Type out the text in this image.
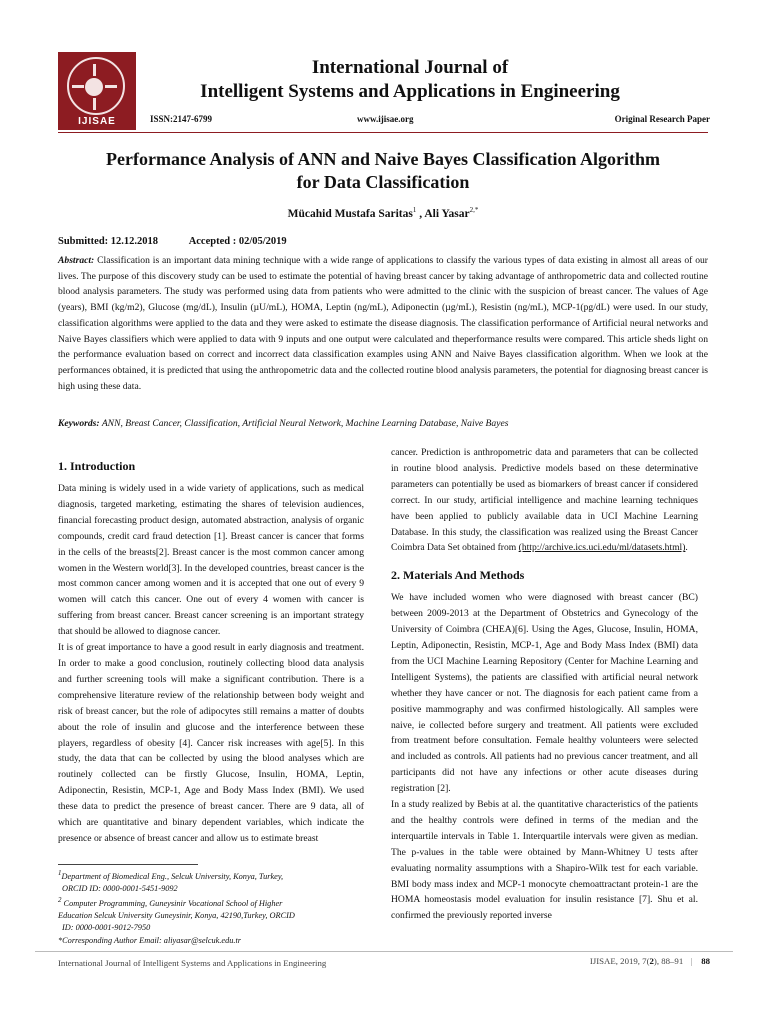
IJISAE
International Journal of
Intelligent Systems and Applications in Engineering
ISSN:2147-6799	www.ijisae.org	Original Research Paper
Performance Analysis of ANN and Naive Bayes Classification Algorithm
for Data Classification
Mücahid Mustafa Saritas$^1$ , Ali Yasar$^{2,*}$
Submitted: 12.12.2018	Accepted : 02/05/2019
Abstract: Classification is an important data mining technique with a wide range of applications to classify the various types of data existing in almost all areas of our lives. The purpose of this discovery study can be used to estimate the potential of having breast cancer by taking advantage of anthropometric data and collected routine blood analysis parameters. The study was performed using data from patients who were admitted to the clinic with the suspicion of breast cancer. The values of Age (years), BMI (kg/m2), Glucose (mg/dL), Insulin (µU/mL), HOMA, Leptin (ng/mL), Adiponectin (µg/mL), Resistin (ng/mL), MCP-1(pg/dL) were used. In our study, classification algorithms were applied to the data and they were asked to estimate the disease diagnosis. The classification performance of Artificial neural networks and Naive Bayes classifiers which were applied to data with 9 inputs and one output were calculated and theperformance results were compared. This article sheds light on the performance evaluation based on correct and incorrect data classification examples using ANN and Naive Bayes classification algorithm. When we look at the performances obtained, it is predicted that using the anthropometric data and the collected routine blood analysis parameters, the potential for diagnosing breast cancer is high using these data.
Keywords: ANN, Breast Cancer, Classification, Artificial Neural Network, Machine Learning Database, Naive Bayes
1. Introduction

Data mining is widely used in a wide variety of applications, such as medical diagnosis, targeted marketing, estimating the shares of television audiences, financial forecasting product design, automated abstraction, analysis of organic compounds, credit card fraud detection [1]. Breast cancer is cancer that forms in the cells of the breasts[2]. Breast cancer is the most common cancer among women in the Western world[3]. In the developed countries, breast cancer is the most common cancer among women and it is accepted that one out of every 9 women will catch this cancer. One out of every 4 women with cancer is suffering from breast cancer. Breast cancer screening is an important strategy that should be allowed to diagnose cancer.

It is of great importance to have a good result in early diagnosis and treatment. In order to make a good conclusion, routinely collecting blood data analysis and further screening tools will make a significant contribution. There is a comprehensive literature review of the relationship between body weight and risk of breast cancer, but the role of adipocytes still remains a matter of doubts about the role of insulin and glucose and the interference between these players, regardless of obesity [4]. Cancer risk increases with age[5]. In this study, the data that can be collected by using the blood analyses which are routinely collected can be firstly Glucose, Insulin, HOMA, Leptin, Adiponectin, Resistin, MCP-1, Age and Body Mass Index (BMI). We used these data to predict the presence of breast cancer. There are 9 data, all of which are quantitative and binary dependent variables, which indicate the presence or absence of breast cancer and allow us to estimate breast

$^1$Department of Biomedical Eng., Selcuk University, Konya, Turkey,
ORCID ID: 0000-0001-5451-9092
$^2$ Computer Programming, Guneysinir Vocational School of Higher
Education Selcuk University Guneysinir, Konya, 42190,Turkey, ORCID
ID: 0000-0001-9012-7950
*Corresponding Author Email: aliyasar@selcuk.edu.tr

cancer. Prediction is anthropometric data and parameters that can be collected in routine blood analysis. Predictive models based on these determinative parameters can potentially be used as biomarkers of breast cancer if considered correct. In our study, artificial intelligence and machine learning techniques have been applied to publicly available data in UCI Machine Learning Database. In this study, the classification was realized using the Breast Cancer Coimbra Data Set obtained from (http://archive.ics.uci.edu/ml/datasets.html).

2. Materials And Methods

We have included women who were diagnosed with breast cancer (BC) between 2009-2013 at the Department of Obstetrics and Gynecology of the University of Coimbra (CHEA)[6]. Using the Ages, Glucose, Insulin, HOMA, Leptin, Adiponectin, Resistin, MCP-1, Age and Body Mass Index (BMI) data from the UCI Machine Learning Repository (Center for Machine Learning and Intelligent Systems), the patients are classified with artificial neural network whether they have cancer or not. The diagnosis for each patient came from a positive mammography and was confirmed histologically. All samples were naive, ie collected before surgery and treatment. All patients were excluded from treatment before consultation. Female healthy volunteers were selected and included as controls. All patients had no previous cancer treatment, and all participants did not have any infections or other acute diseases during registration [2].

In a study realized by Bebis at al. the quantitative characteristics of the patients and the healthy controls were defined in terms of the median and the interquartile intervals in Table 1. Interquartile intervals were given as median. The p-values in the table were obtained by Mann-Whitney U tests after evaluating normality assumptions with a Shapiro-Wilk test for each variable. BMI body mass index and MCP-1 monocyte chemoattractant protein-1 are the HOMA homeostasis model evaluation for insulin resistance [7]. Shu et al. confirmed the previously reported inverse

International Journal of Intelligent Systems and Applications in Engineering	IJISAE, 2019, 7(2), 88–91 | 88
